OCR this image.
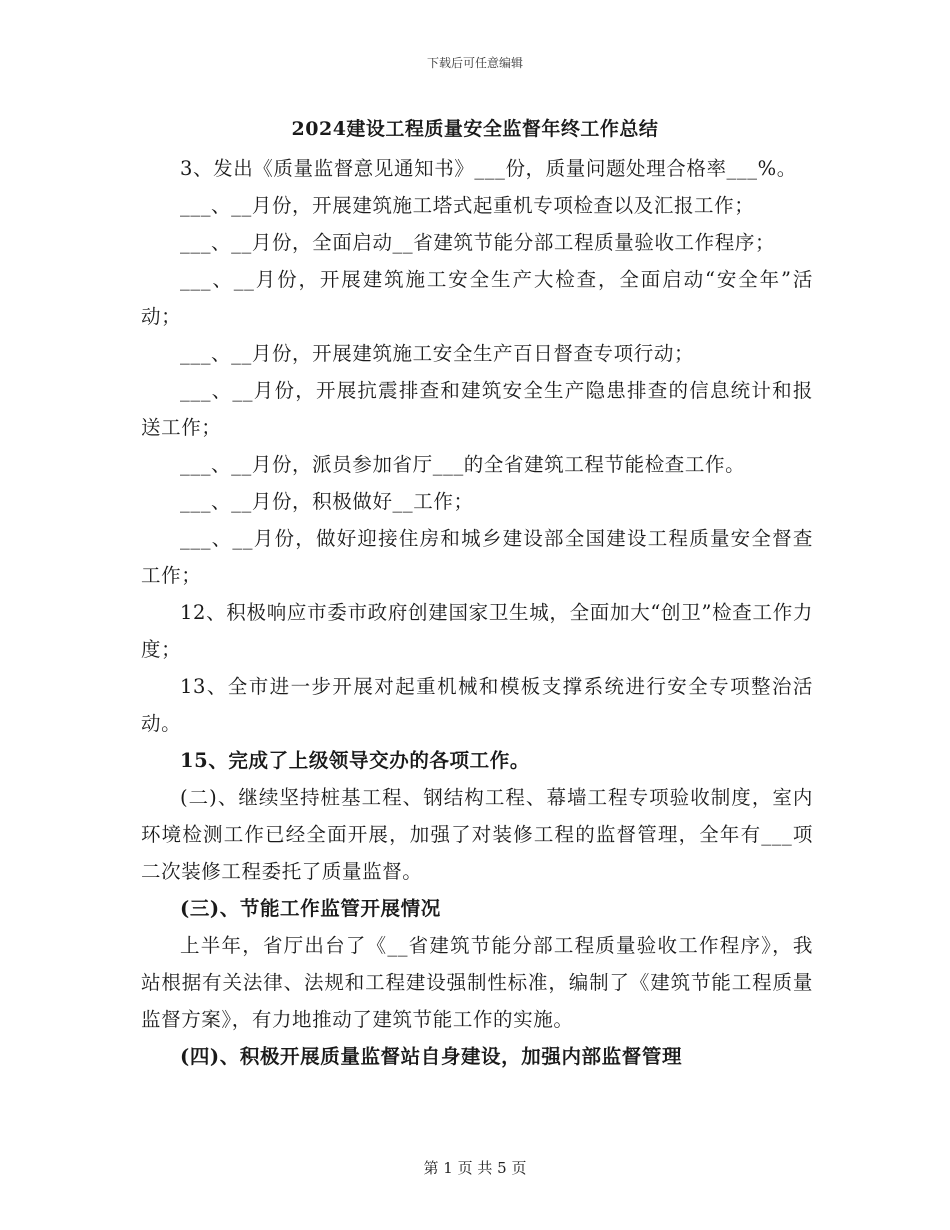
下载后可任意编辑
2024建设工程质量安全监督年终工作总结

3、发出《质量监督意见通知书》___份，质量问题处理合格率___%。

___、__月份，开展建筑施工塔式起重机专项检查以及汇报工作；

___、__月份，全面启动__省建筑节能分部工程质量验收工作程序；

___、__月份，开展建筑施工安全生产大检查，全面启动“安全年”活动；

___、__月份，开展建筑施工安全生产百日督查专项行动；

___、__月份，开展抗震排查和建筑安全生产隐患排查的信息统计和报送工作；

___、__月份，派员参加省厅___的全省建筑工程节能检查工作。

___、__月份，积极做好__工作；

___、__月份，做好迎接住房和城乡建设部全国建设工程质量安全督查工作；

12、积极响应市委市政府创建国家卫生城，全面加大“创卫”检查工作力度；

13、全市进一步开展对起重机械和模板支撑系统进行安全专项整治活动。

15、完成了上级领导交办的各项工作。

(二)、继续坚持桩基工程、钢结构工程、幕墙工程专项验收制度，室内环境检测工作已经全面开展，加强了对装修工程的监督管理，全年有___项二次装修工程委托了质量监督。

(三)、节能工作监管开展情况

上半年，省厅出台了《__省建筑节能分部工程质量验收工作程序》，我站根据有关法律、法规和工程建设强制性标准，编制了《建筑节能工程质量监督方案》，有力地推动了建筑节能工作的实施。

(四)、积极开展质量监督站自身建设，加强内部监督管理

第 1 页 共 5 页
